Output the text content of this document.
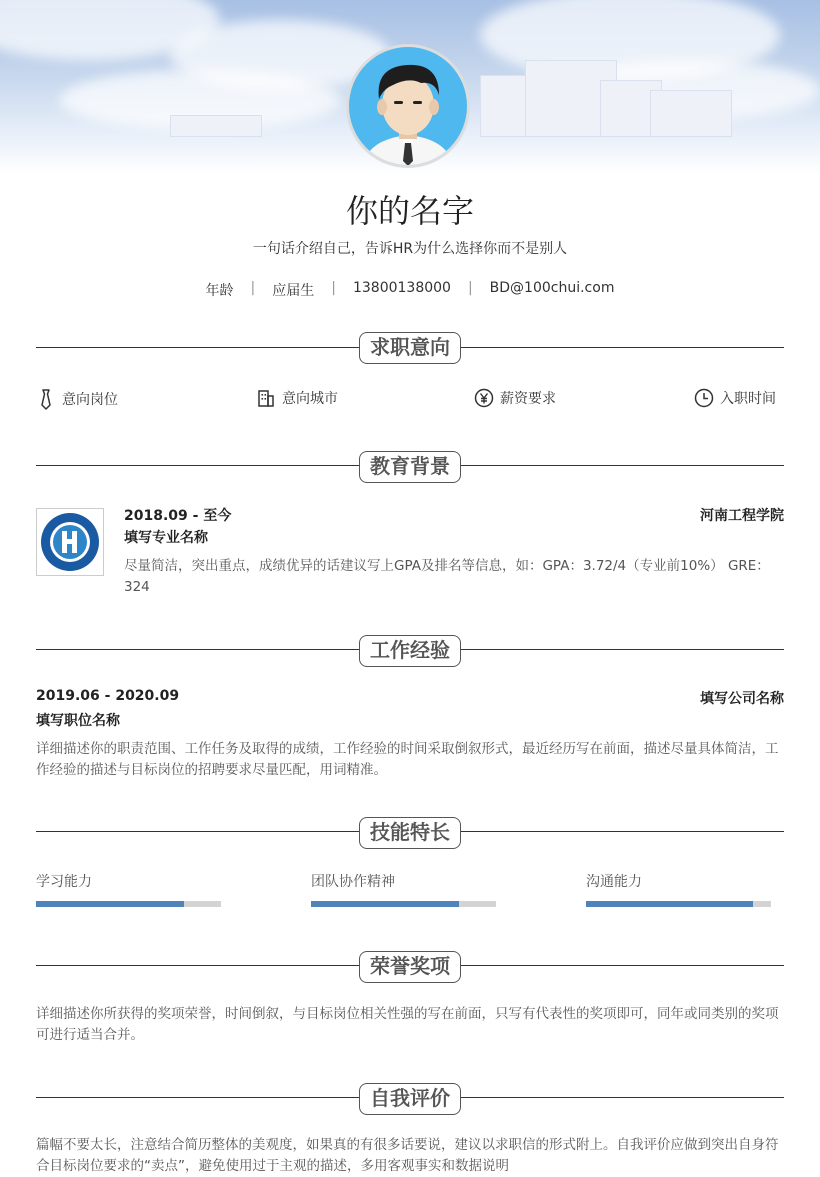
你的名字
一句话介绍自己，告诉HR为什么选择你而不是别人
年龄 | 应届生 | 13800138000 | BD@100chui.com
求职意向
意向岗位	意向城市	薪资要求	入职时间
教育背景
2018.09 - 至今	河南工程学院
填写专业名称
尽量简洁，突出重点，成绩优异的话建议写上GPA及排名等信息，如：GPA：3.72/4（专业前10%） GRE：324
工作经验
2019.06 - 2020.09	填写公司名称
填写职位名称
详细描述你的职责范围、工作任务及取得的成绩，工作经验的时间采取倒叙形式，最近经历写在前面，描述尽量具体简洁，工作经验的描述与目标岗位的招聘要求尽量匹配，用词精准。
技能特长
学习能力	团队协作精神	沟通能力
荣誉奖项
详细描述你所获得的奖项荣誉，时间倒叙，与目标岗位相关性强的写在前面，只写有代表性的奖项即可，同年或同类别的奖项可进行适当合并。
自我评价
篇幅不要太长，注意结合简历整体的美观度，如果真的有很多话要说，建议以求职信的形式附上。自我评价应做到突出自身符合目标岗位要求的“卖点”，避免使用过于主观的描述，多用客观事实和数据说明
